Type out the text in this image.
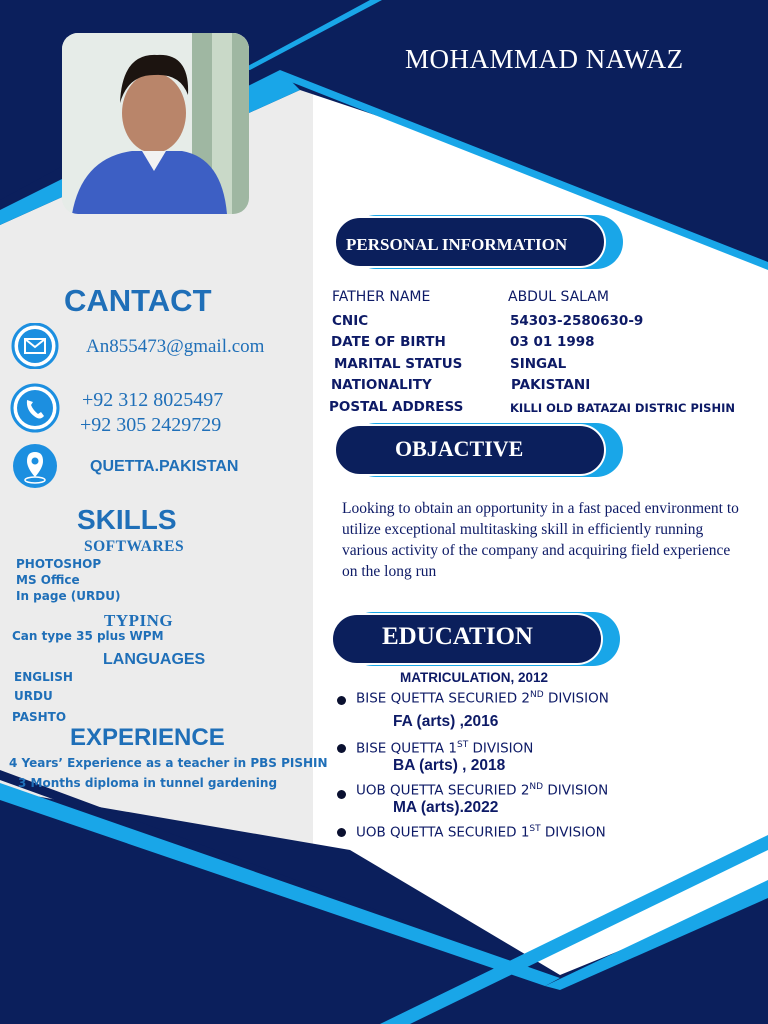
MOHAMMAD NAWAZ
CANTACT
An855473@gmail.com
+92 312 8025497
+92 305 2429729
QUETTA.PAKISTAN
SKILLS
SOFTWARES
PHOTOSHOP
MS Office
In page (URDU)
TYPING
Can type 35 plus WPM
LANGUAGES
ENGLISH
URDU
PASHTO
EXPERIENCE
4 Years’ Experience as a teacher in PBS PISHIN
3 Months diploma in tunnel gardening
PERSONAL INFORMATION
FATHER NAME	ABDUL SALAM
CNIC	54303-2580630-9
DATE OF BIRTH	03 01 1998
MARITAL STATUS	SINGAL
NATIONALITY	PAKISTANI
POSTAL ADDRESS	KILLI OLD BATAZAI DISTRIC PISHIN
OBJACTIVE
Looking to obtain an opportunity in a fast paced environment to utilize exceptional multitasking skill in efficiently running various activity of the company and acquiring field experience on the long run
EDUCATION
MATRICULATION, 2012
BISE QUETTA SECURIED 2ND DIVISION
FA (arts) ,2016
BISE QUETTA 1ST DIVISION
BA (arts) , 2018
UOB QUETTA SECURIED 2ND DIVISION
MA (arts).2022
UOB QUETTA SECURIED 1ST DIVISION
